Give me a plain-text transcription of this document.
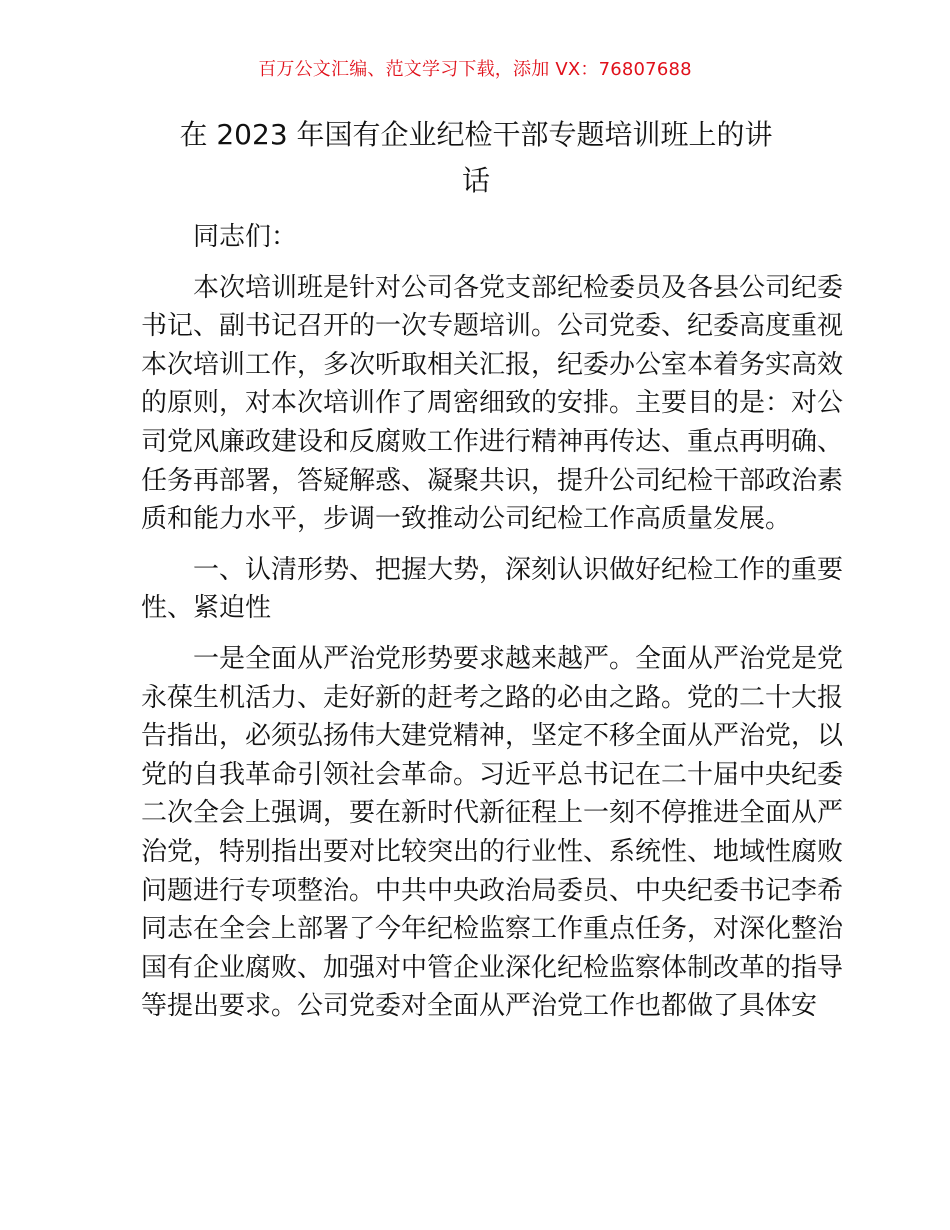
百万公文汇编、范文学习下载，添加 VX：76807688
在 2023 年国有企业纪检干部专题培训班上的讲
话

同志们：

本次培训班是针对公司各党支部纪检委员及各县公司纪委
书记、副书记召开的一次专题培训。公司党委、纪委高度重视
本次培训工作，多次听取相关汇报，纪委办公室本着务实高效
的原则，对本次培训作了周密细致的安排。主要目的是：对公
司党风廉政建设和反腐败工作进行精神再传达、重点再明确、
任务再部署，答疑解惑、凝聚共识，提升公司纪检干部政治素
质和能力水平，步调一致推动公司纪检工作高质量发展。

一、认清形势、把握大势，深刻认识做好纪检工作的重要
性、紧迫性

一是全面从严治党形势要求越来越严。全面从严治党是党
永葆生机活力、走好新的赶考之路的必由之路。党的二十大报
告指出，必须弘扬伟大建党精神，坚定不移全面从严治党，以
党的自我革命引领社会革命。习近平总书记在二十届中央纪委
二次全会上强调，要在新时代新征程上一刻不停推进全面从严
治党，特别指出要对比较突出的行业性、系统性、地域性腐败
问题进行专项整治。中共中央政治局委员、中央纪委书记李希
同志在全会上部署了今年纪检监察工作重点任务，对深化整治
国有企业腐败、加强对中管企业深化纪检监察体制改革的指导
等提出要求。公司党委对全面从严治党工作也都做了具体安
